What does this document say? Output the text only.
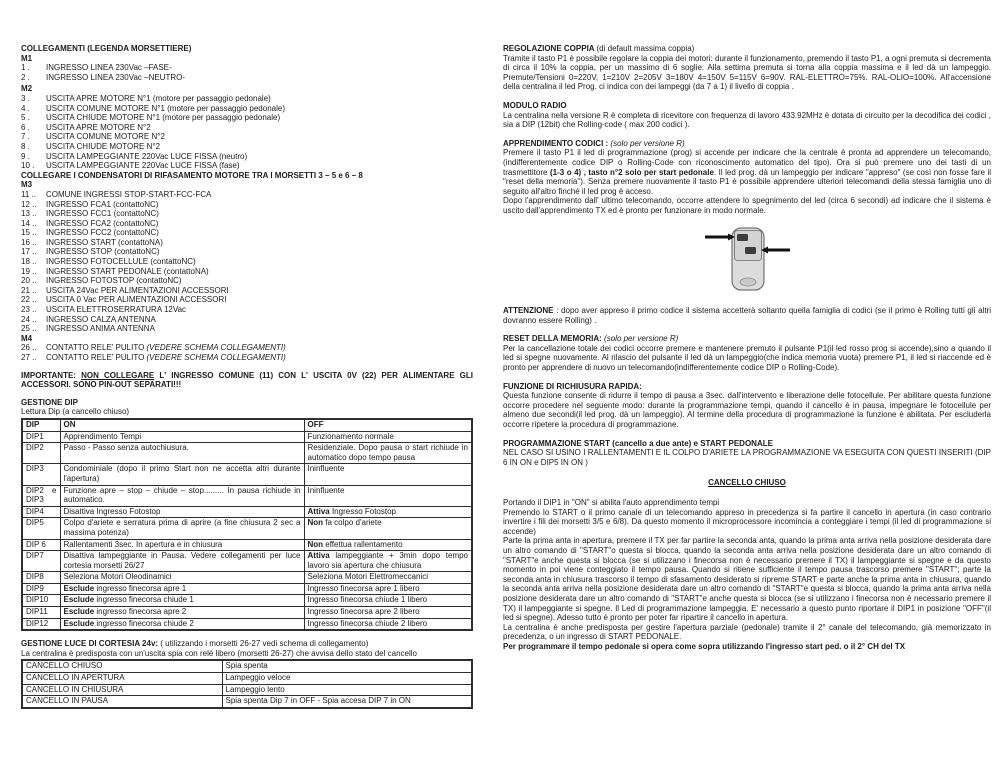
COLLEGAMENTI (LEGENDA MORSETTIERE)
M1
1 .	INGRESSO LINEA 230Vac –FASE-
2 .	INGRESSO LINEA 230Vac –NEUTRO-
M2
3 .	USCITA APRE MOTORE N°1 (motore per passaggio pedonale)
4 .	USCITA COMUNE MOTORE N°1 (motore per passaggio pedonale)
5 .	USCITA CHIUDE MOTORE N°1 (motore per passaggio pedonale)
6 .	USCITA APRE MOTORE N°2
7 .	USCITA COMUNE MOTORE N°2
8 .	USCITA CHIUDE MOTORE N°2
9 .	USCITA LAMPEGGIANTE 220Vac LUCE FISSA (neutro)
10 .	USCITA LAMPEGGIANTE 220Vac LUCE FISSA (fase)
COLLEGARE I CONDENSATORI DI RIFASAMENTO MOTORE TRA I MORSETTI 3 – 5 e 6 – 8
M3
11 ..	COMUNE INGRESSI STOP-START-FCC-FCA
12 ..	INGRESSO FCA1 (contattoNC)
13 ..	INGRESSO FCC1 (contattoNC)
14 ..	INGRESSO FCA2 (contattoNC)
15 ..	INGRESSO FCC2 (contattoNC)
16 ..	INGRESSO START (contattoNA)
17 ..	INGRESSO STOP (contattoNC)
18 ..	INGRESSO FOTOCELLULE (contattoNC)
19 ..	INGRESSO START PEDONALE (contattoNA)
20 ..	INGRESSO FOTOSTOP (contattoNC)
21 ..	USCITA 24Vac PER ALIMENTAZIONI ACCESSORI
22 ..	USCITA 0 Vac PER ALIMENTAZIONI ACCESSORI
23 ..	USCITA ELETTROSERRATURA 12Vac
24 ..	INGRESSO CALZA ANTENNA
25 ..	INGRESSO ANIMA ANTENNA
M4
26 ..	CONTATTO RELE' PULITO (VEDERE SCHEMA COLLEGAMENTI)
27 ..	CONTATTO RELE' PULITO (VEDERE SCHEMA COLLEGAMENTI)
IMPORTANTE: NON COLLEGARE L' INGRESSO COMUNE (11) CON L' USCITA 0V (22) PER ALIMENTARE GLI ACCESSORI. SONO PIN-OUT SEPARATI!!!
GESTIONE DIP
Lettura Dip (a cancello chiuso)
DIP	ON	OFF
DIP1	Apprendimento Tempi	Funzionamento normale
DIP2	Passo - Passo senza autochiusura.	Residenziale. Dopo pausa o start richiude in automatico dopo tempo pausa
DIP3	Condominiale (dopo il primo Start non ne accetta altri durante l'apertura)	Ininfluente
DIP2 e DIP3	Funzione apre – stop – chiude – stop......... In pausa richiude in automatico.	Ininfluente
DIP4	Disattiva Ingresso Fotostop	Attiva Ingresso Fotostop
DIP5	Colpo d'ariete e serratura prima di aprire (a fine chiusura 2 sec a massima potenza)	Non fa colpo d'ariete
DIP 6	Rallentamenti 3sec. In apertura e in chiusura	Non effettua rallentamento
DIP7	Disattiva lampeggiante in Pausa. Vedere collegamenti per luce cortesia morsetti 26/27	Attiva lampeggiante + 3min dopo tempo lavoro sia apertura che chiusura
DIP8	Seleziona Motori Oleodinamici	Seleziona Motori Elettromeccanici
DIP9	Esclude ingresso finecorsa apre 1	Ingresso finecorsa apre 1 libero
DIP10	Esclude ingresso finecorsa chiude 1	Ingresso finecorsa chiude 1 libero
DIP11	Esclude ingresso finecorsa apre 2	Ingresso finecorsa apre 2 libero
DIP12	Esclude ingresso finecorsa chiude 2	Ingresso finecorsa chiude 2 libero
GESTIONE LUCE DI CORTESIA 24v: ( utilizzando i morsetti 26-27 vedi schema di collegamento)
La centralina è predisposta con un'uscita spia con relè libero (morsetti 26-27) che avvisa dello stato del cancello
CANCELLO CHIUSO	Spia spenta
CANCELLO IN APERTURA	Lampeggio veloce
CANCELLO IN CHIUSURA	Lampeggio lento
CANCELLO IN PAUSA	Spia spenta Dip 7 in OFF - Spia accesa DIP 7 in ON
REGOLAZIONE COPPIA (di default massima coppia)
Tramite il tasto P1 è possibile regolare la coppia dei motori: durante il funzionamento, premendo il tasto P1, a ogni premuta si decrementa di circa il 10% la coppia, per un massimo di 6 soglie. Alla settima premuta si torna alla coppia massima e il led dà un lampeggio. Premute/Tensioni 0=220V, 1=210V 2=205V 3=180V 4=150V 5=115V 6=90V. RAL-ELETTRO=75%. RAL-OLIO=100%. All'accensione della centralina il led Prog. ci indica con dei lampeggi (da 7 a 1) il livello di coppia .
MODULO RADIO
La centralina nella versione R è completa di ricevitore con frequenza di lavoro 433.92MHz è dotata di circuito per la decodifica dei codici , sia a DIP (12bit) che Rolling-code ( max 200 codici ).
APPRENDIMENTO CODICI : (solo per versione R)
Premere il tasto P1 il led di programmazione (prog) si accende per indicare che la centrale è pronta ad apprendere un telecomando, (indifferentemente codice DIP o Rolling-Code con riconoscimento automatico del tipo). Ora si può premere uno dei tasti di un trasmettitore (1-3 o 4) , tasto n°2 solo per start pedonale. Il led prog. dà un lampeggio per indicare "appreso" (se così non fosse fare il "reset della memoria"). Senza premere nuovamente il tasto P1 è possibile apprendere ulteriori telecomandi della stessa famiglia uno di seguito all'altro finché il led prog è acceso.
Dopo l'apprendimento dall' ultimo telecomando, occorre attendere lo spegnimento del led (circa 6 secondi) ad indicare che il sistema è uscito dall'apprendimento TX ed è pronto per funzionare in modo normale.
ATTENZIONE : dopo aver appreso il primo codice il sistema accetterà soltanto quella famiglia di codici (se il primo è Rolling tutti gli altri dovranno essere Rolling) .
RESET DELLA MEMORIA: (solo per versione R)
Per la cancellazione totale dei codici occorre premere e mantenere premuto il pulsante P1(il led rosso prog si accende),sino a quando il led si spegne nuovamente. Al rilascio del pulsante il led dà un lampeggio(che indica memoria vuota) premere P1, il led si riaccende ed è pronto per apprendere di nuovo un telecomando(indifferentemente codice DIP o Rolling-Code).
FUNZIONE DI RICHIUSURA RAPIDA:
Questa funzione consente di ridurre il tempo di pausa a 3sec. dall'intervento e liberazione delle fotocellule. Per abilitare questa funzione occorre procedere nel seguente modo: durante la programmazione tempi, quando il cancello è in pausa, impegnare le fotocellule per almeno due secondi(il led prog. dà un lampeggio). Al termine della procedura di programmazione la funzione è abilitata. Per escluderla occorre ripetere la procedura di programmazione.
PROGRAMMAZIONE START (cancello a due ante) e START PEDONALE
NEL CASO SI USINO I RALLENTAMENTI E IL COLPO D'ARIETE LA PROGRAMMAZIONE VA ESEGUITA CON QUESTI INSERITI (DIP 6 IN ON e DIP5 IN ON )
CANCELLO CHIUSO
Portando il DIP1 in "ON" si abilita l'auto apprendimento tempi
Premendo lo START o il primo canale di un telecomando appreso in precedenza si fa partire il cancello in apertura (in caso contrario invertire i fili dei morsetti 3/5 e 6/8). Da questo momento il microprocessore incomincia a conteggiare i tempi (il led di programmazione si accende)
Parte la prima anta in apertura, premere il TX per far partire la seconda anta, quando la prima anta arriva nella posizione desiderata dare un altro comando di "START"o questa si blocca, quando la seconda anta arriva nella posizione desiderata dare un altro comando di "START"e anche questa si blocca (se si utilizzano i finecorsa non è necessario premere il TX) il lampeggiante si spegne e da questo momento in poi viene conteggiato il tempo pausa. Quando si ritiene sufficiente il tempo pausa trascorso premere "START"; parte la seconda anta in chiusura trascorso il tempo di sfasamento desiderato si ripreme START e parte anche la prima anta in chiusura, quando la seconda anta arriva nella posizione desiderata dare un altro comando di "START"e questa si blocca, quando la prima anta arriva nella posizione desiderata dare un altro comando di "START"e anche questa si blocca (se si utilizzano i finecorsa non è necessario premere il TX) il lampeggiante si spegne. Il Led di programmazione lampeggia. E' necessario a questo punto riportare il DIP1 in posizione "OFF"(il led si spegne). Adesso tutto è pronto per poter far ripartire il cancello in apertura.
La centralina è anche predisposta per gestire l'apertura parziale (pedonale) tramite il 2° canale del telecomando, già memorizzato in precedenza, o un ingresso di START PEDONALE.
Per programmare il tempo pedonale si opera come sopra utilizzando l'ingresso start ped. o il 2° CH del TX
